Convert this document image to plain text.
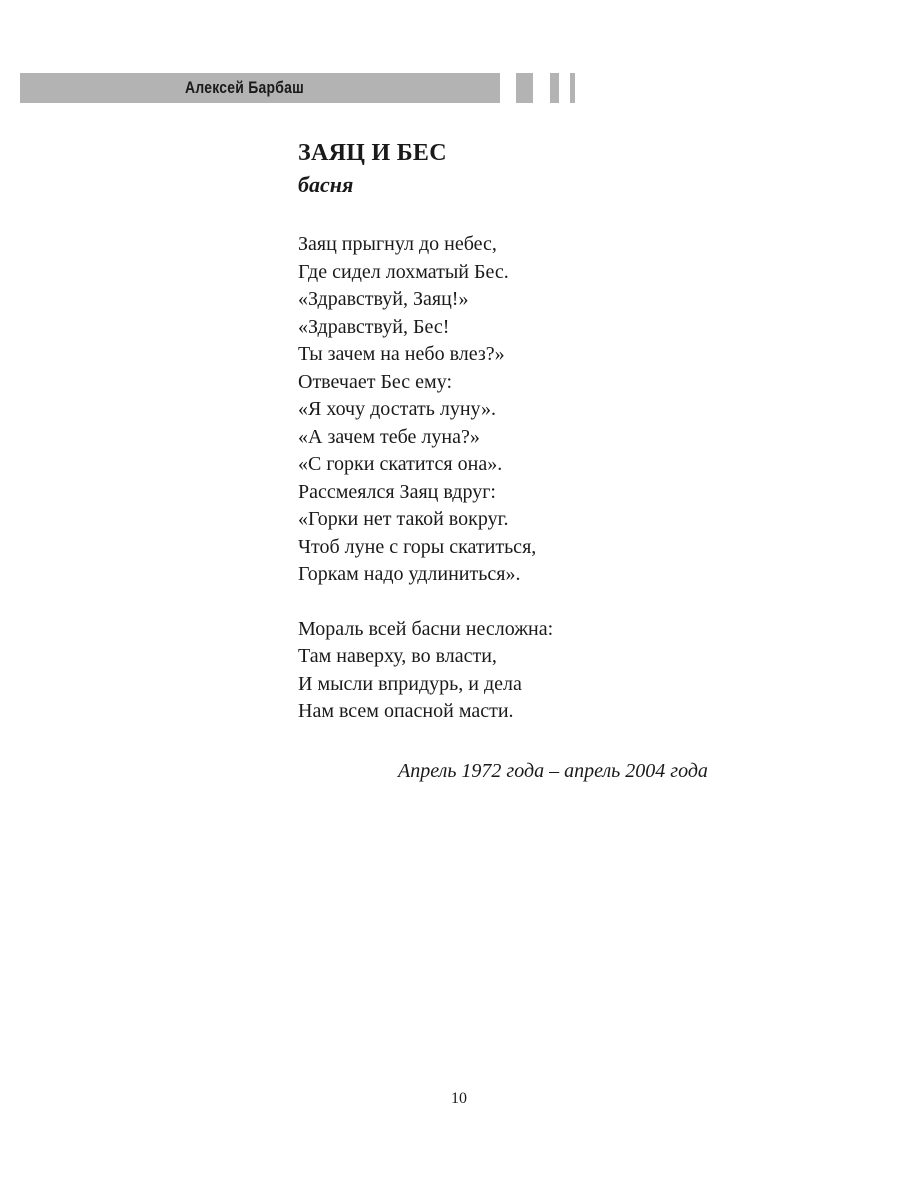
Алексей Барбаш
ЗАЯЦ И БЕС
басня
Заяц прыгнул до небес,
Где сидел лохматый Бес.
«Здравствуй, Заяц!»
«Здравствуй, Бес!
Ты зачем на небо влез?»
Отвечает Бес ему:
«Я хочу достать луну».
«А зачем тебе луна?»
«С горки скатится она».
Рассмеялся Заяц вдруг:
«Горки нет такой вокруг.
Чтоб луне с горы скатиться,
Горкам надо удлиниться».
Мораль всей басни несложна:
Там наверху, во власти,
И мысли впридурь, и дела
Нам всем опасной масти.
Апрель 1972 года – апрель 2004 года
10
